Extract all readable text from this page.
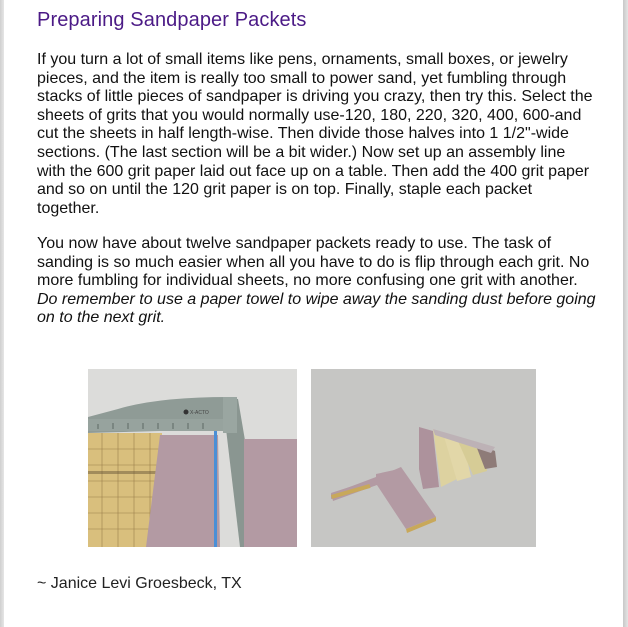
Preparing Sandpaper Packets

If you turn a lot of small items like pens, ornaments, small boxes, or jewelry pieces, and the item is really too small to power sand, yet fumbling through stacks of little pieces of sandpaper is driving you crazy, then try this. Select the sheets of grits that you would normally use-120, 180, 220, 320, 400, 600-and cut the sheets in half length-wise. Then divide those halves into 1 1/2"-wide sections. (The last section will be a bit wider.) Now set up an assembly line with the 600 grit paper laid out face up on a table. Then add the 400 grit paper and so on until the 120 grit paper is on top. Finally, staple each packet together.

You now have about twelve sandpaper packets ready to use. The task of sanding is so much easier when all you have to do is flip through each grit. No more fumbling for individual sheets, no more confusing one grit with another. Do remember to use a paper towel to wipe away the sanding dust before going on to the next grit.

X-ACTO

~ Janice Levi Groesbeck, TX
